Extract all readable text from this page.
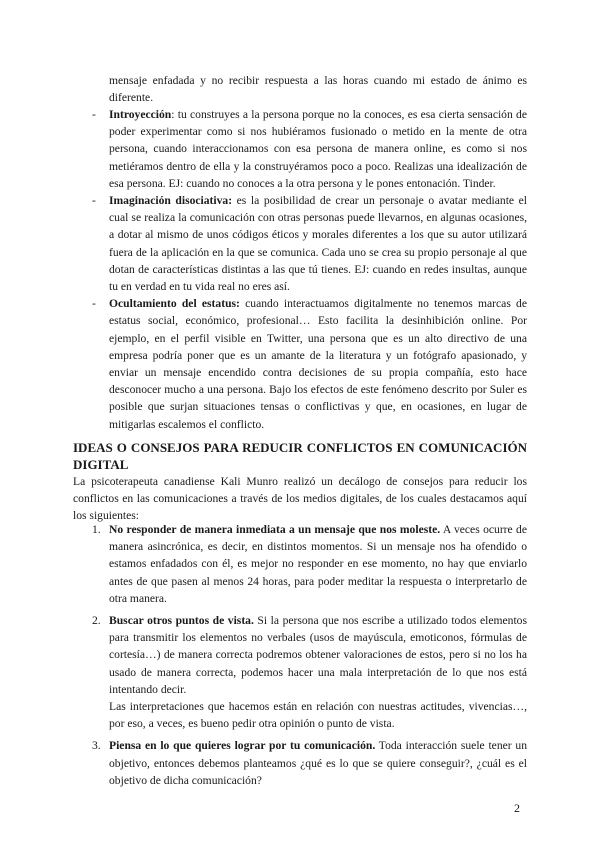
mensaje enfadada y no recibir respuesta a las horas cuando mi estado de ánimo es diferente.
- Introyección: tu construyes a la persona porque no la conoces, es esa cierta sensación de poder experimentar como si nos hubiéramos fusionado o metido en la mente de otra persona, cuando interaccionamos con esa persona de manera online, es como si nos metiéramos dentro de ella y la construyéramos poco a poco. Realizas una idealización de esa persona. EJ: cuando no conoces a la otra persona y le pones entonación. Tinder.
- Imaginación disociativa: es la posibilidad de crear un personaje o avatar mediante el cual se realiza la comunicación con otras personas puede llevarnos, en algunas ocasiones, a dotar al mismo de unos códigos éticos y morales diferentes a los que su autor utilizará fuera de la aplicación en la que se comunica. Cada uno se crea su propio personaje al que dotan de características distintas a las que tú tienes. EJ: cuando en redes insultas, aunque tu en verdad en tu vida real no eres así.
- Ocultamiento del estatus: cuando interactuamos digitalmente no tenemos marcas de estatus social, económico, profesional… Esto facilita la desinhibición online. Por ejemplo, en el perfil visible en Twitter, una persona que es un alto directivo de una empresa podría poner que es un amante de la literatura y un fotógrafo apasionado, y enviar un mensaje encendido contra decisiones de su propia compañía, esto hace desconocer mucho a una persona. Bajo los efectos de este fenómeno descrito por Suler es posible que surjan situaciones tensas o conflictivas y que, en ocasiones, en lugar de mitigarlas escalemos el conflicto.
IDEAS O CONSEJOS PARA REDUCIR CONFLICTOS EN COMUNICACIÓN DIGITAL

La psicoterapeuta canadiense Kali Munro realizó un decálogo de consejos para reducir los conflictos en las comunicaciones a través de los medios digitales, de los cuales destacamos aquí los siguientes:

1. No responder de manera inmediata a un mensaje que nos moleste. A veces ocurre de manera asincrónica, es decir, en distintos momentos. Si un mensaje nos ha ofendido o estamos enfadados con él, es mejor no responder en ese momento, no hay que enviarlo antes de que pasen al menos 24 horas, para poder meditar la respuesta o interpretarlo de otra manera.

2. Buscar otros puntos de vista. Si la persona que nos escribe a utilizado todos elementos para transmitir los elementos no verbales (usos de mayúscula, emoticonos, fórmulas de cortesía…) de manera correcta podremos obtener valoraciones de estos, pero si no los ha usado de manera correcta, podemos hacer una mala interpretación de lo que nos está intentando decir.

Las interpretaciones que hacemos están en relación con nuestras actitudes, vivencias…, por eso, a veces, es bueno pedir otra opinión o punto de vista.

3. Piensa en lo que quieres lograr por tu comunicación. Toda interacción suele tener un objetivo, entonces debemos planteamos ¿qué es lo que se quiere conseguir?, ¿cuál es el objetivo de dicha comunicación?

2
